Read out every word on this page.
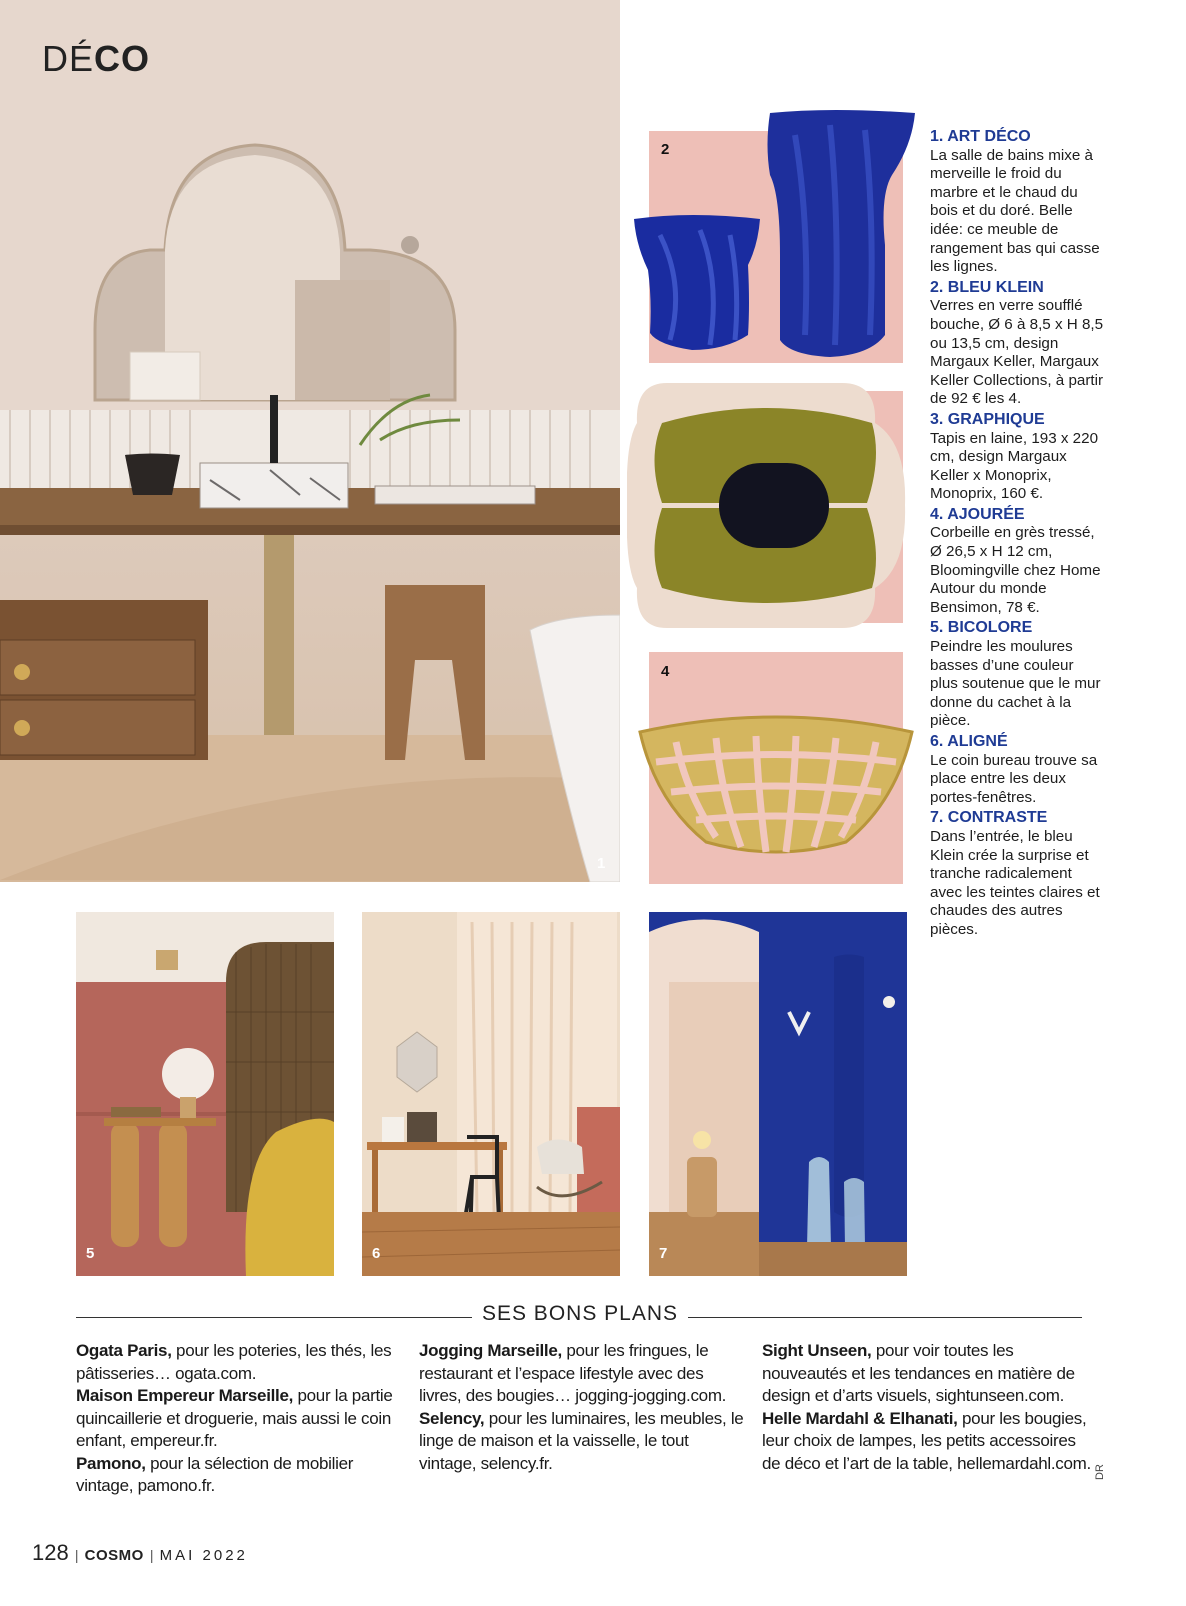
DÉCO
1
2
4
1. ART DÉCO
La salle de bains mixe à merveille le froid du marbre et le chaud du bois et du doré. Belle idée: ce meuble de rangement bas qui casse les lignes.
2. BLEU KLEIN
Verres en verre soufflé bouche, Ø 6 à 8,5 x H 8,5 ou 13,5 cm, design Margaux Keller, Margaux Keller Collections, à partir de 92 € les 4.
3. GRAPHIQUE
Tapis en laine, 193 x 220 cm, design Margaux Keller x Monoprix, Monoprix, 160 €.
4. AJOURÉE
Corbeille en grès tressé, Ø 26,5 x H 12 cm, Bloomingville chez Home Autour du monde Bensimon, 78 €.
5. BICOLORE
Peindre les moulures basses d’une couleur plus soutenue que le mur donne du cachet à la pièce.
6. ALIGNÉ
Le coin bureau trouve sa place entre les deux portes-fenêtres.
7. CONTRASTE
Dans l’entrée, le bleu Klein crée la surprise et tranche radicalement avec les teintes claires et chaudes des autres pièces.
5	6	7
SES BONS PLANS

Ogata Paris, pour les poteries, les thés, les pâtisseries… ogata.com.

Maison Empereur Marseille, pour la partie quincaillerie et droguerie, mais aussi le coin enfant, empereur.fr.

Pamono, pour la sélection de mobilier vintage, pamono.fr.

Jogging Marseille, pour les fringues, le restaurant et l’espace lifestyle avec des livres, des bougies… jogging-jogging.com.

Selency, pour les luminaires, les meubles, le linge de maison et la vaisselle, le tout vintage, selency.fr.

Sight Unseen, pour voir toutes les nouveautés et les tendances en matière de design et d’arts visuels, sightunseen.com.

Helle Mardahl & Elhanati, pour les bougies, leur choix de lampes, les petits accessoires de déco et l’art de la table, hellemardahl.com. DR
128 | COSMO | MAI 2022
